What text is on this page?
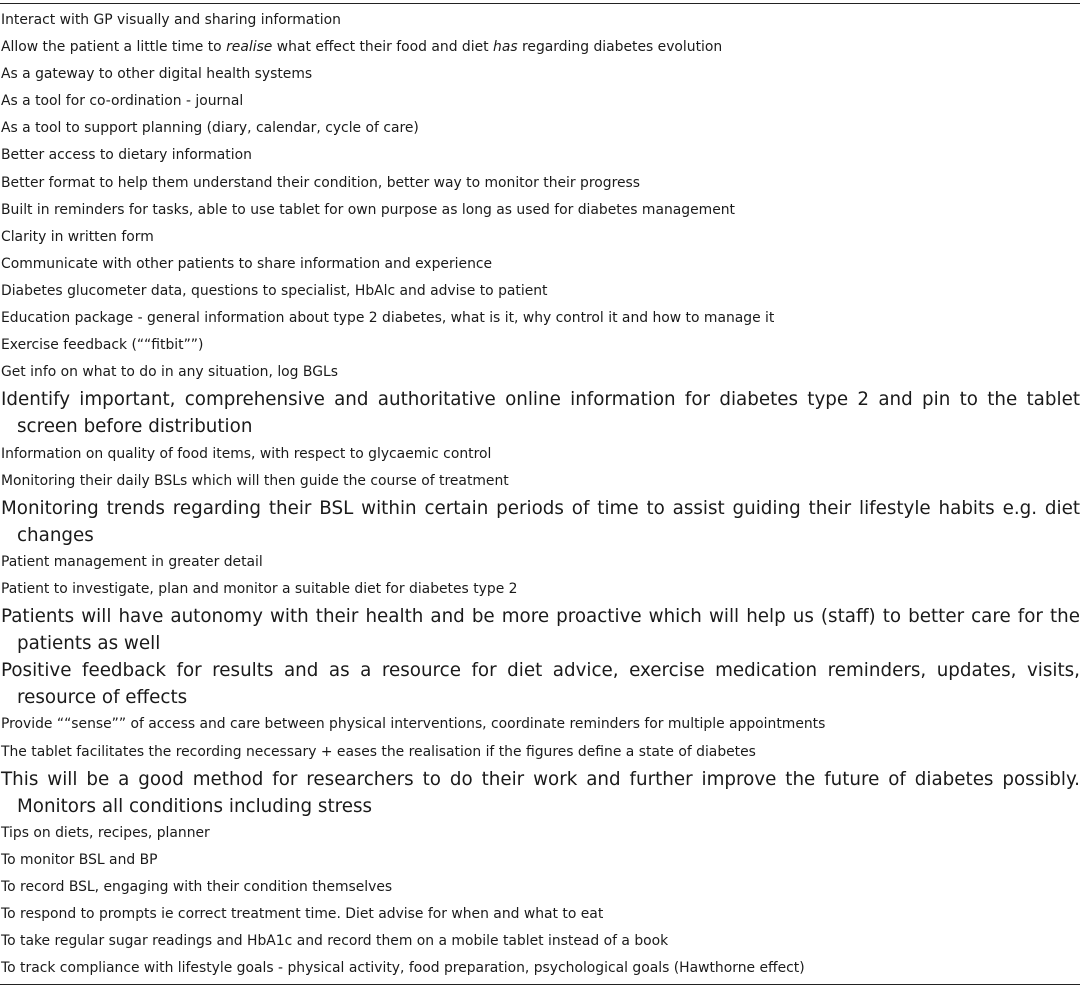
Interact with GP visually and sharing information
Allow the patient a little time to realise what effect their food and diet has regarding diabetes evolution
As a gateway to other digital health systems
As a tool for co-ordination - journal
As a tool to support planning (diary, calendar, cycle of care)
Better access to dietary information
Better format to help them understand their condition, better way to monitor their progress
Built in reminders for tasks, able to use tablet for own purpose as long as used for diabetes management
Clarity in written form
Communicate with other patients to share information and experience
Diabetes glucometer data, questions to specialist, HbAlc and advise to patient
Education package - general information about type 2 diabetes, what is it, why control it and how to manage it
Exercise feedback (““fitbit””)
Get info on what to do in any situation, log BGLs
Identify important, comprehensive and authoritative online information for diabetes type 2 and pin to the tablet screen before distribution
Information on quality of food items, with respect to glycaemic control
Monitoring their daily BSLs which will then guide the course of treatment
Monitoring trends regarding their BSL within certain periods of time to assist guiding their lifestyle habits e.g. diet changes
Patient management in greater detail
Patient to investigate, plan and monitor a suitable diet for diabetes type 2
Patients will have autonomy with their health and be more proactive which will help us (staff) to better care for the patients as well
Positive feedback for results and as a resource for diet advice, exercise medication reminders, updates, visits, resource of effects
Provide ““sense”” of access and care between physical interventions, coordinate reminders for multiple appointments
The tablet facilitates the recording necessary + eases the realisation if the figures define a state of diabetes
This will be a good method for researchers to do their work and further improve the future of diabetes possibly. Monitors all conditions including stress
Tips on diets, recipes, planner
To monitor BSL and BP
To record BSL, engaging with their condition themselves
To respond to prompts ie correct treatment time. Diet advise for when and what to eat
To take regular sugar readings and HbA1c and record them on a mobile tablet instead of a book
To track compliance with lifestyle goals - physical activity, food preparation, psychological goals (Hawthorne effect)
